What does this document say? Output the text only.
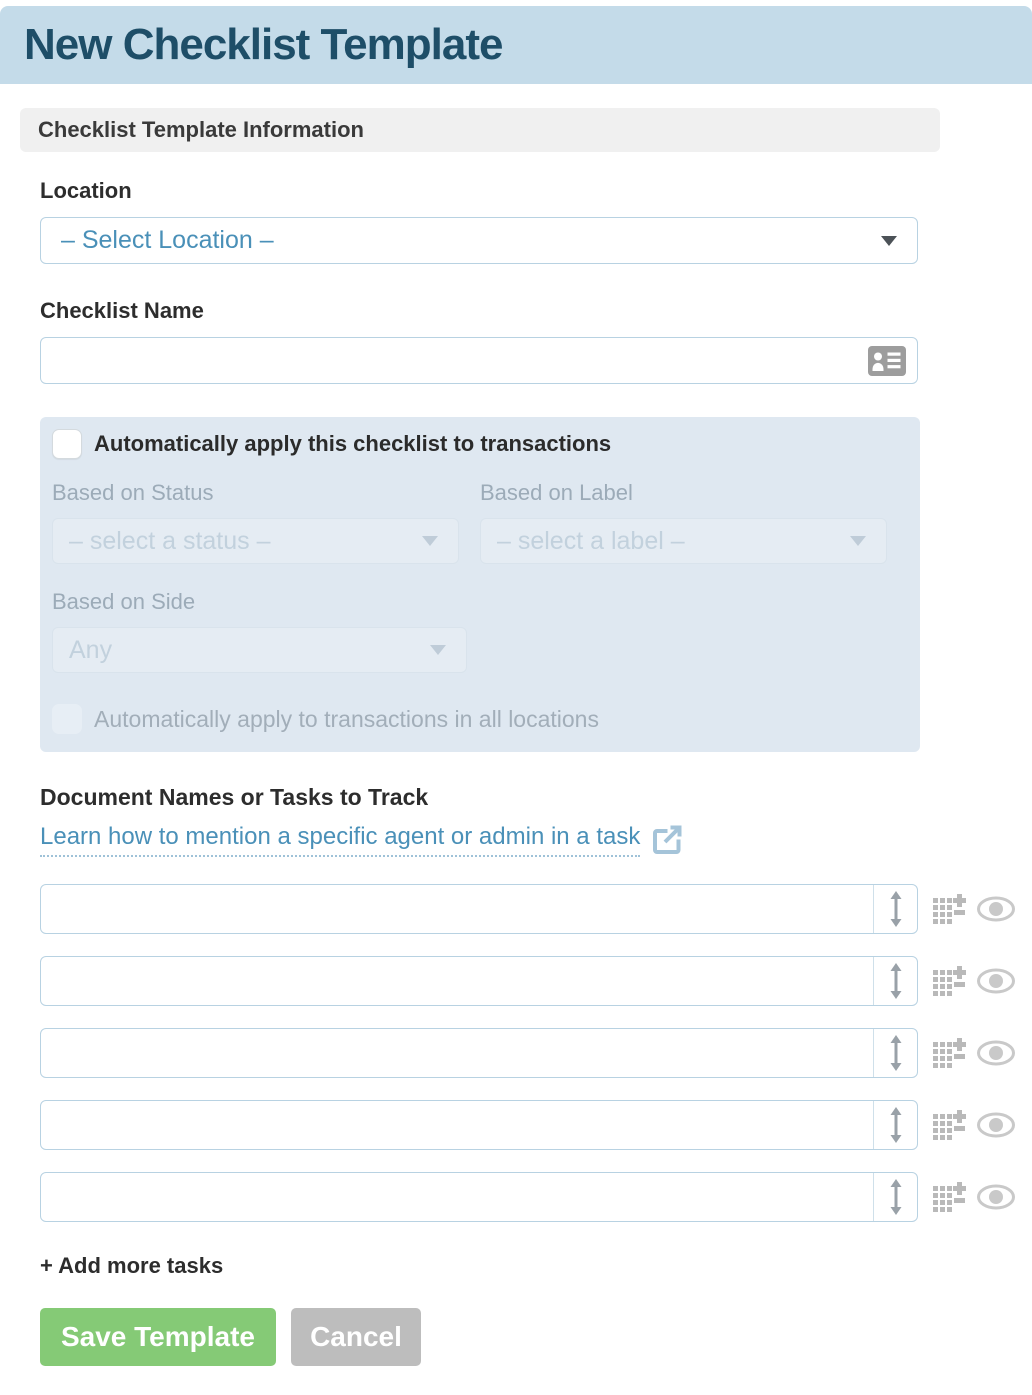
New Checklist Template
Checklist Template Information
Location
– Select Location –
Checklist Name
Automatically apply this checklist to transactions
Based on Status
– select a status –
Based on Label
– select a label –
Based on Side
Any
Automatically apply to transactions in all locations
Document Names or Tasks to Track
Learn how to mention a specific agent or admin in a task
+ Add more tasks
Save Template	Cancel
